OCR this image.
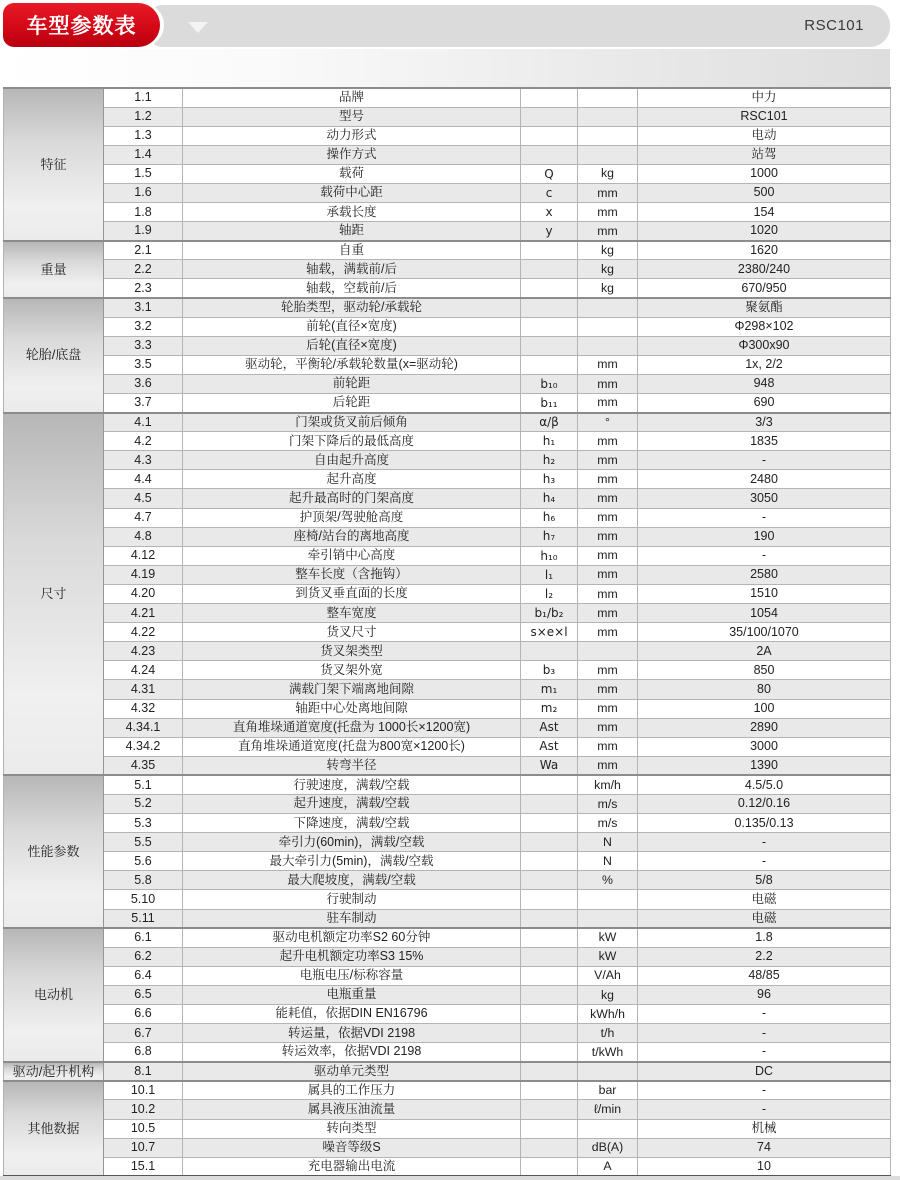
RSC101
车型参数表
特征	1.1	品牌			中力
	1.2	型号			RSC101
	1.3	动力形式			电动
	1.4	操作方式			站驾
	1.5	载荷	Q	kg	1000
	1.6	载荷中心距	c	mm	500
	1.8	承载长度	x	mm	154
	1.9	轴距	y	mm	1020
重量	2.1	自重		kg	1620
	2.2	轴载，满载前/后		kg	2380/240
	2.3	轴载，空载前/后		kg	670/950
轮胎/底盘	3.1	轮胎类型，驱动轮/承载轮			聚氨酯
	3.2	前轮(直径×宽度)			Φ298×102
	3.3	后轮(直径×宽度)			Φ300x90
	3.5	驱动轮，平衡轮/承载轮数量(x=驱动轮)		mm	1x, 2/2
	3.6	前轮距	b₁₀	mm	948
	3.7	后轮距	b₁₁	mm	690
尺寸	4.1	门架或货叉前后倾角	α/β	°	3/3
	4.2	门架下降后的最低高度	h₁	mm	1835
	4.3	自由起升高度	h₂	mm	-
	4.4	起升高度	h₃	mm	2480
	4.5	起升最高时的门架高度	h₄	mm	3050
	4.7	护顶架/驾驶舱高度	h₆	mm	-
	4.8	座椅/站台的离地高度	h₇	mm	190
	4.12	牵引销中心高度	h₁₀	mm	-
	4.19	整车长度（含拖钩）	l₁	mm	2580
	4.20	到货叉垂直面的长度	l₂	mm	1510
	4.21	整车宽度	b₁/b₂	mm	1054
	4.22	货叉尺寸	s×e×l	mm	35/100/1070
	4.23	货叉架类型			2A
	4.24	货叉架外宽	b₃	mm	850
	4.31	满载门架下端离地间隙	m₁	mm	80
	4.32	轴距中心处离地间隙	m₂	mm	100
	4.34.1	直角堆垛通道宽度(托盘为 1000长×1200宽)	Ast	mm	2890
	4.34.2	直角堆垛通道宽度(托盘为800宽×1200长)	Ast	mm	3000
	4.35	转弯半径	Wa	mm	1390
性能参数	5.1	行驶速度，满载/空载		km/h	4.5/5.0
	5.2	起升速度，满载/空载		m/s	0.12/0.16
	5.3	下降速度，满载/空载		m/s	0.135/0.13
	5.5	牵引力(60min)，满载/空载		N	-
	5.6	最大牵引力(5min)，满载/空载		N	-
	5.8	最大爬坡度，满载/空载		%	5/8
	5.10	行驶制动			电磁
	5.11	驻车制动			电磁
电动机	6.1	驱动电机额定功率S2 60分钟		kW	1.8
	6.2	起升电机额定功率S3 15%		kW	2.2
	6.4	电瓶电压/标称容量		V/Ah	48/85
	6.5	电瓶重量		kg	96
	6.6	能耗值，依据DIN EN16796		kWh/h	-
	6.7	转运量，依据VDI 2198		t/h	-
	6.8	转运效率，依据VDI 2198		t/kWh	-
驱动/起升机构	8.1	驱动单元类型			DC
其他数据	10.1	属具的工作压力		bar	-
	10.2	属具液压油流量		ℓ/min	-
	10.5	转向类型			机械
	10.7	噪音等级S		dB(A)	74
	15.1	充电器输出电流		A	10
